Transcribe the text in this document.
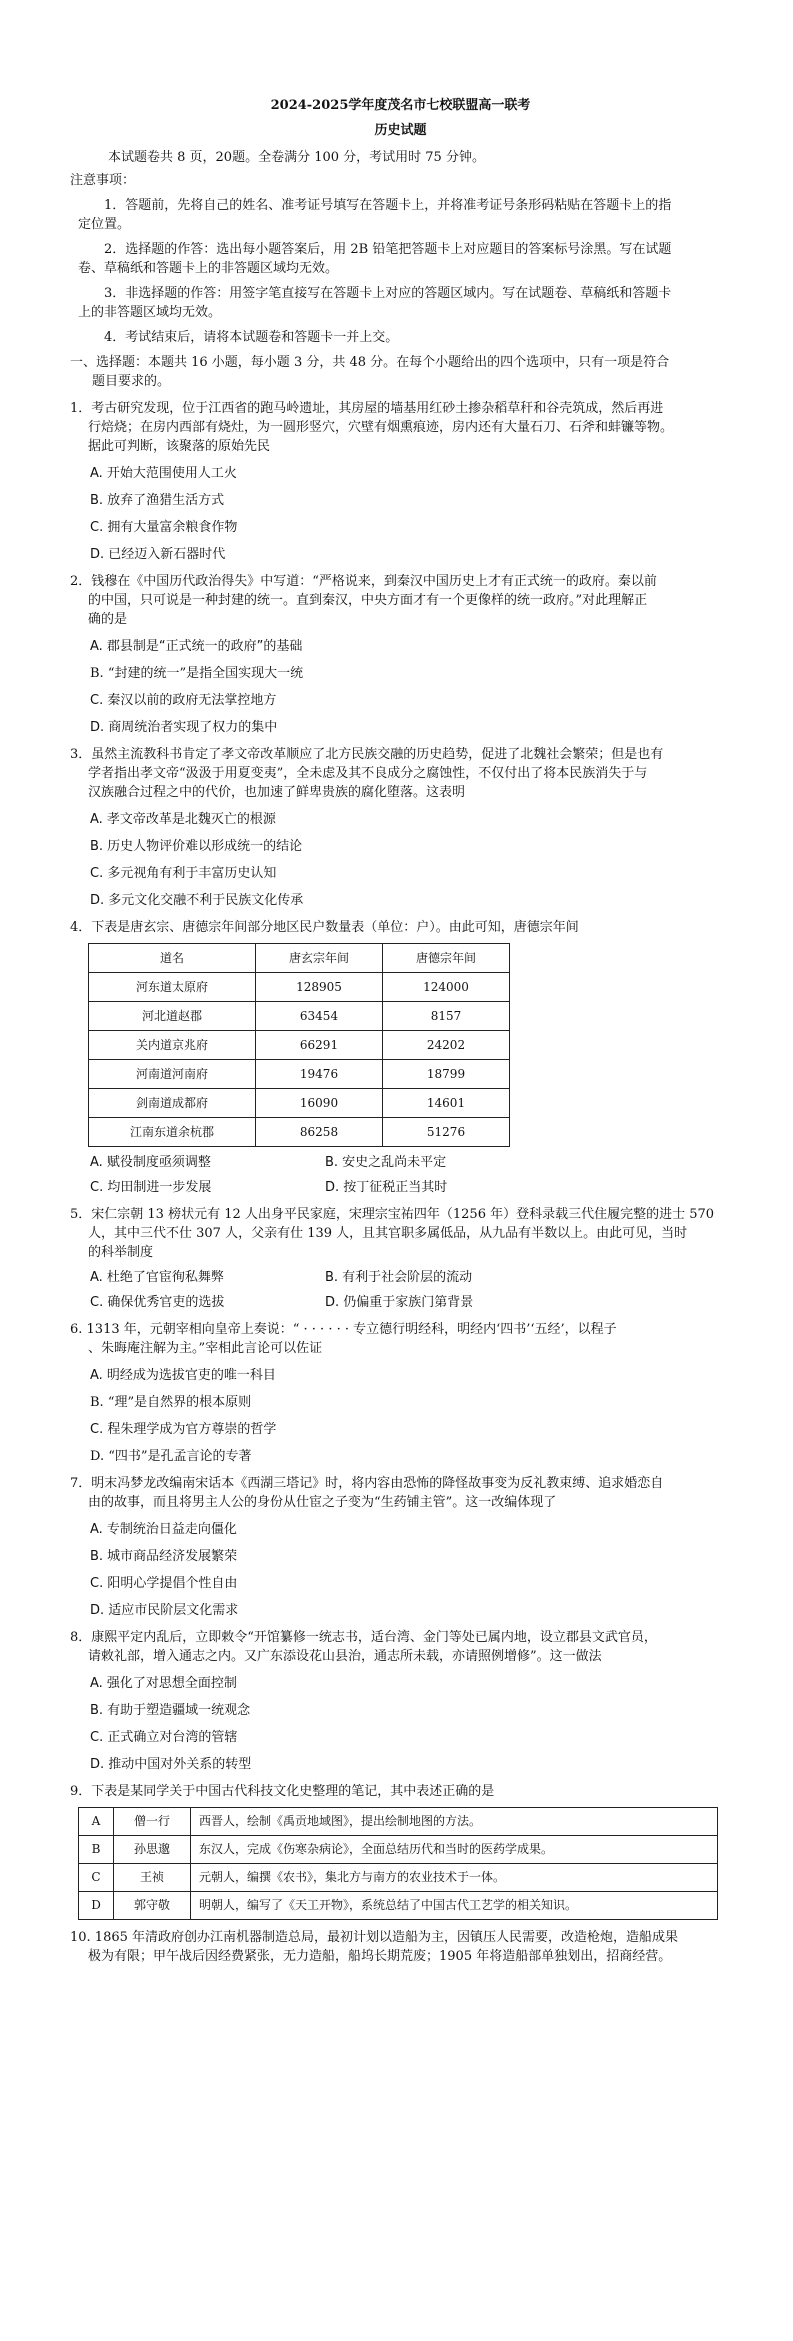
2024-2025学年度茂名市七校联盟高一联考

历史试题

本试题卷共 8 页，20题。全卷满分 100 分，考试用时 75 分钟。

注意事项：

1．答题前，先将自己的姓名、准考证号填写在答题卡上，并将准考证号条形码粘贴在答题卡上的指

定位置。

2．选择题的作答：选出每小题答案后，用 2B 铅笔把答题卡上对应题目的答案标号涂黑。写在试题

卷、草稿纸和答题卡上的非答题区域均无效。

3．非选择题的作答：用签字笔直接写在答题卡上对应的答题区域内。写在试题卷、草稿纸和答题卡

上的非答题区域均无效。

4．考试结束后，请将本试题卷和答题卡一并上交。

一、选择题：本题共 16 小题，每小题 3 分，共 48 分。在每个小题给出的四个选项中，只有一项是符合

题目要求的。

1．考古研究发现，位于江西省的跑马岭遗址，其房屋的墙基用红砂土掺杂稻草秆和谷壳筑成，然后再进

行焙烧；在房内西部有烧灶，为一圆形竖穴，穴壁有烟熏痕迹，房内还有大量石刀、石斧和蚌镰等物。

据此可判断，该聚落的原始先民

A. 开始大范围使用人工火

B. 放弃了渔猎生活方式

C. 拥有大量富余粮食作物

D. 已经迈入新石器时代

2．钱穆在《中国历代政治得失》中写道：“严格说来，到秦汉中国历史上才有正式统一的政府。秦以前

的中国，只可说是一种封建的统一。直到秦汉，中央方面才有一个更像样的统一政府。”对此理解正

确的是

A. 郡县制是“正式统一的政府”的基础

B. “封建的统一”是指全国实现大一统

C. 秦汉以前的政府无法掌控地方

D. 商周统治者实现了权力的集中

3．虽然主流教科书肯定了孝文帝改革顺应了北方民族交融的历史趋势，促进了北魏社会繁荣；但是也有

学者指出孝文帝“汲汲于用夏变夷”，全未虑及其不良成分之腐蚀性，不仅付出了将本民族消失于与

汉族融合过程之中的代价，也加速了鲜卑贵族的腐化堕落。这表明

A. 孝文帝改革是北魏灭亡的根源

B. 历史人物评价难以形成统一的结论

C. 多元视角有利于丰富历史认知

D. 多元文化交融不利于民族文化传承

4．下表是唐玄宗、唐德宗年间部分地区民户数量表（单位：户）。由此可知，唐德宗年间

道名	唐玄宗年间	唐德宗年间
河东道太原府	128905	124000
河北道赵郡	63454	8157
关内道京兆府	66291	24202
河南道河南府	19476	18799
剑南道成都府	16090	14601
江南东道余杭郡	86258	51276

A. 赋役制度亟须调整	B. 安史之乱尚未平定

C. 均田制进一步发展	D. 按丁征税正当其时

5．宋仁宗朝 13 榜状元有 12 人出身平民家庭，宋理宗宝祐四年（1256 年）登科录载三代住履完整的进士 570

人，其中三代不仕 307 人，父亲有仕 139 人，且其官职多属低品，从九品有半数以上。由此可见，当时

的科举制度

A. 杜绝了官宦徇私舞弊	B. 有利于社会阶层的流动

C. 确保优秀官吏的选拔	D. 仍偏重于家族门第背景

6. 1313 年，元朝宰相向皇帝上奏说：“ · · · · · · 专立德行明经科，明经内‘四书’‘五经’，以程子

、朱晦庵注解为主。”宰相此言论可以佐证

A. 明经成为选拔官吏的唯一科目

B. “理”是自然界的根本原则

C. 程朱理学成为官方尊崇的哲学

D. “四书”是孔孟言论的专著

7．明末冯梦龙改编南宋话本《西湖三塔记》时，将内容由恐怖的降怪故事变为反礼教束缚、追求婚恋自

由的故事，而且将男主人公的身份从仕宦之子变为“生药铺主管”。这一改编体现了

A. 专制统治日益走向僵化

B. 城市商品经济发展繁荣

C. 阳明心学提倡个性自由

D. 适应市民阶层文化需求

8．康熙平定内乱后，立即敕令“开馆纂修一统志书，适台湾、金门等处已属内地，设立郡县文武官员，

请敕礼部，增入通志之内。又广东添设花山县治，通志所未载，亦请照例增修”。这一做法

A. 强化了对思想全面控制

B. 有助于塑造疆域一统观念

C. 正式确立对台湾的管辖

D. 推动中国对外关系的转型

9．下表是某同学关于中国古代科技文化史整理的笔记，其中表述正确的是

A	僧一行	西晋人，绘制《禹贡地域图》，提出绘制地图的方法。
B	孙思邈	东汉人，完成《伤寒杂病论》，全面总结历代和当时的医药学成果。
C	王祯	元朝人，编撰《农书》，集北方与南方的农业技术于一体。
D	郭守敬	明朝人，编写了《天工开物》，系统总结了中国古代工艺学的相关知识。

10. 1865 年清政府创办江南机器制造总局，最初计划以造船为主，因镇压人民需要，改造枪炮，造船成果

极为有限；甲午战后因经费紧张，无力造船，船坞长期荒废；1905 年将造船部单独划出，招商经营。
